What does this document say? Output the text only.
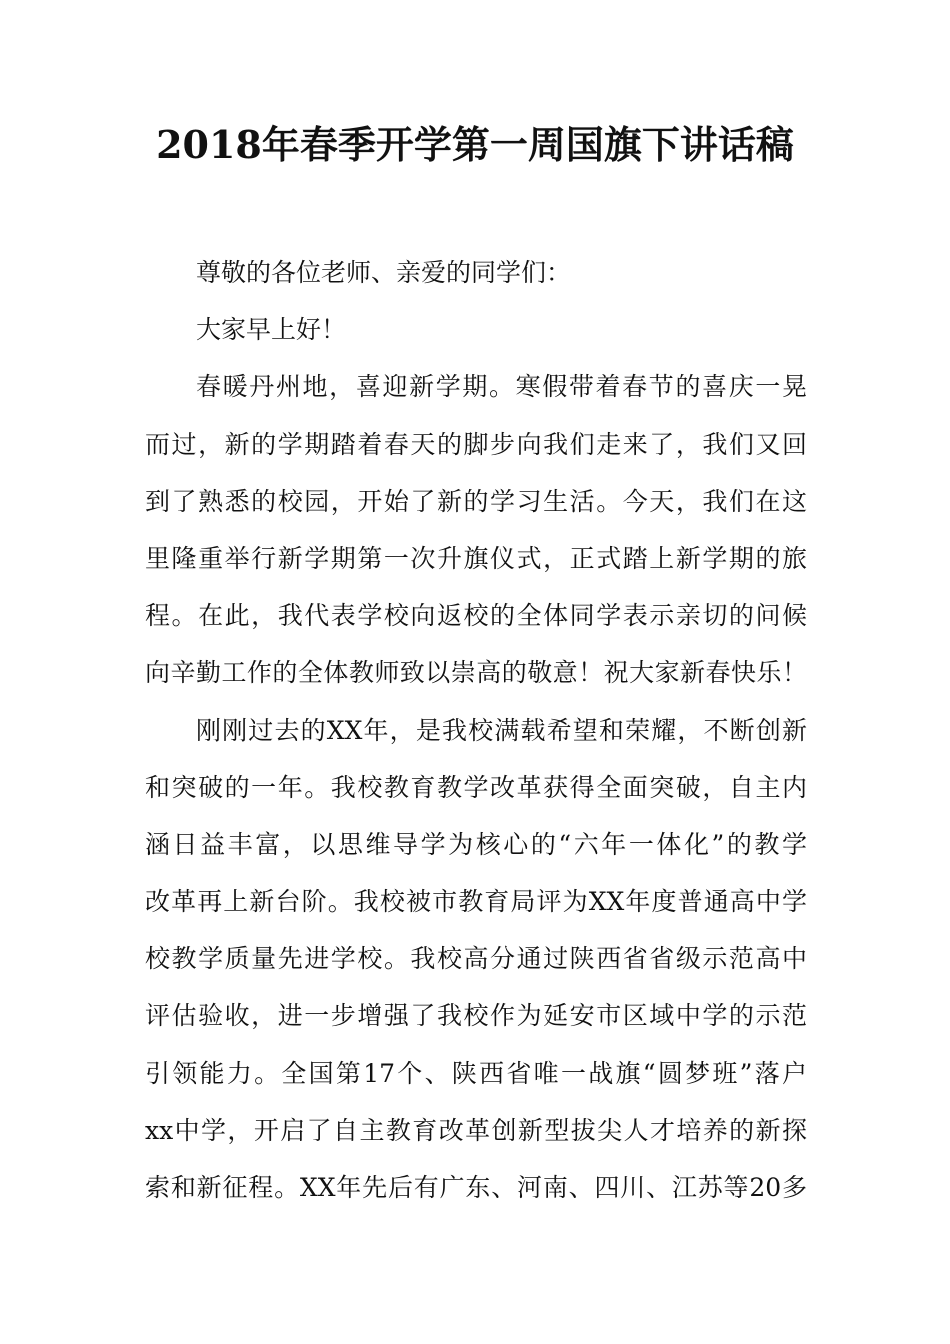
2018年春季开学第一周国旗下讲话稿
尊敬的各位老师、亲爱的同学们：
大家早上好！
春暖丹州地，喜迎新学期。寒假带着春节的喜庆一晃
而过，新的学期踏着春天的脚步向我们走来了，我们又回
到了熟悉的校园，开始了新的学习生活。今天，我们在这
里隆重举行新学期第一次升旗仪式，正式踏上新学期的旅
程。在此，我代表学校向返校的全体同学表示亲切的问候
向辛勤工作的全体教师致以崇高的敬意！祝大家新春快乐！
刚刚过去的XX年，是我校满载希望和荣耀，不断创新
和突破的一年。我校教育教学改革获得全面突破，自主内
涵日益丰富，以思维导学为核心的“六年一体化”的教学
改革再上新台阶。我校被市教育局评为XX年度普通高中学
校教学质量先进学校。我校高分通过陕西省省级示范高中
评估验收，进一步增强了我校作为延安市区域中学的示范
引领能力。全国第17个、陕西省唯一战旗“圆梦班”落户
xx中学，开启了自主教育改革创新型拔尖人才培养的新探
索和新征程。XX年先后有广东、河南、四川、江苏等20多
